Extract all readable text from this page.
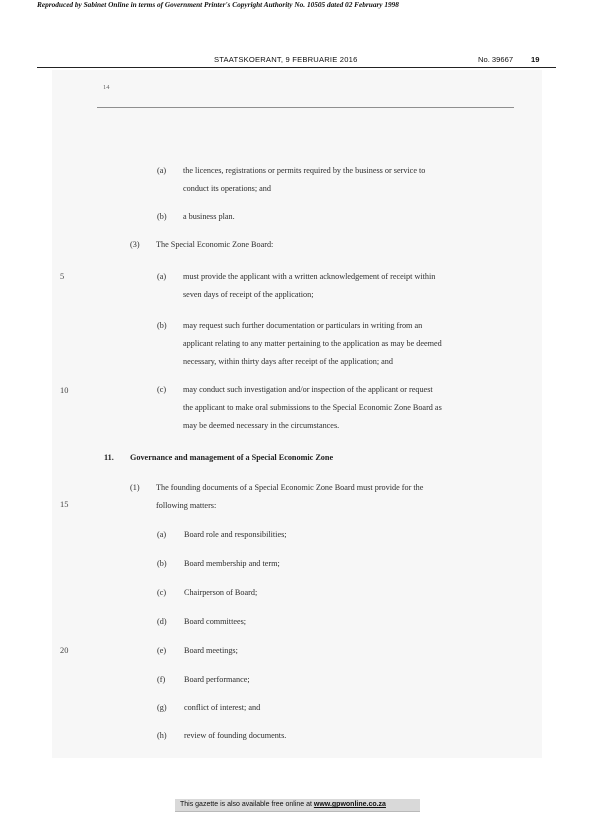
Reproduced by Sabinet Online in terms of Government Printer's Copyright Authority No. 10505 dated 02 February 1998
STAATSKOERANT, 9 FEBRUARIE 2016	No. 39667 19
14
(a) the licences, registrations or permits required by the business or service to
conduct its operations; and
(b) a business plan.
(3) The Special Economic Zone Board:
5	(a) must provide the applicant with a written acknowledgement of receipt within
seven days of receipt of the application;
(b) may request such further documentation or particulars in writing from an
applicant relating to any matter pertaining to the application as may be deemed
necessary, within thirty days after receipt of the application; and
10	(c) may conduct such investigation and/or inspection of the applicant or request
the applicant to make oral submissions to the Special Economic Zone Board as
may be deemed necessary in the circumstances.
11. Governance and management of a Special Economic Zone
(1) The founding documents of a Special Economic Zone Board must provide for the
following matters:
15
(a) Board role and responsibilities;
(b) Board membership and term;
(c) Chairperson of Board;
(d) Board committees;
20	(e) Board meetings;
(f) Board performance;
(g) conflict of interest; and
(h) review of founding documents.
This gazette is also available free online at www.gpwonline.co.za
